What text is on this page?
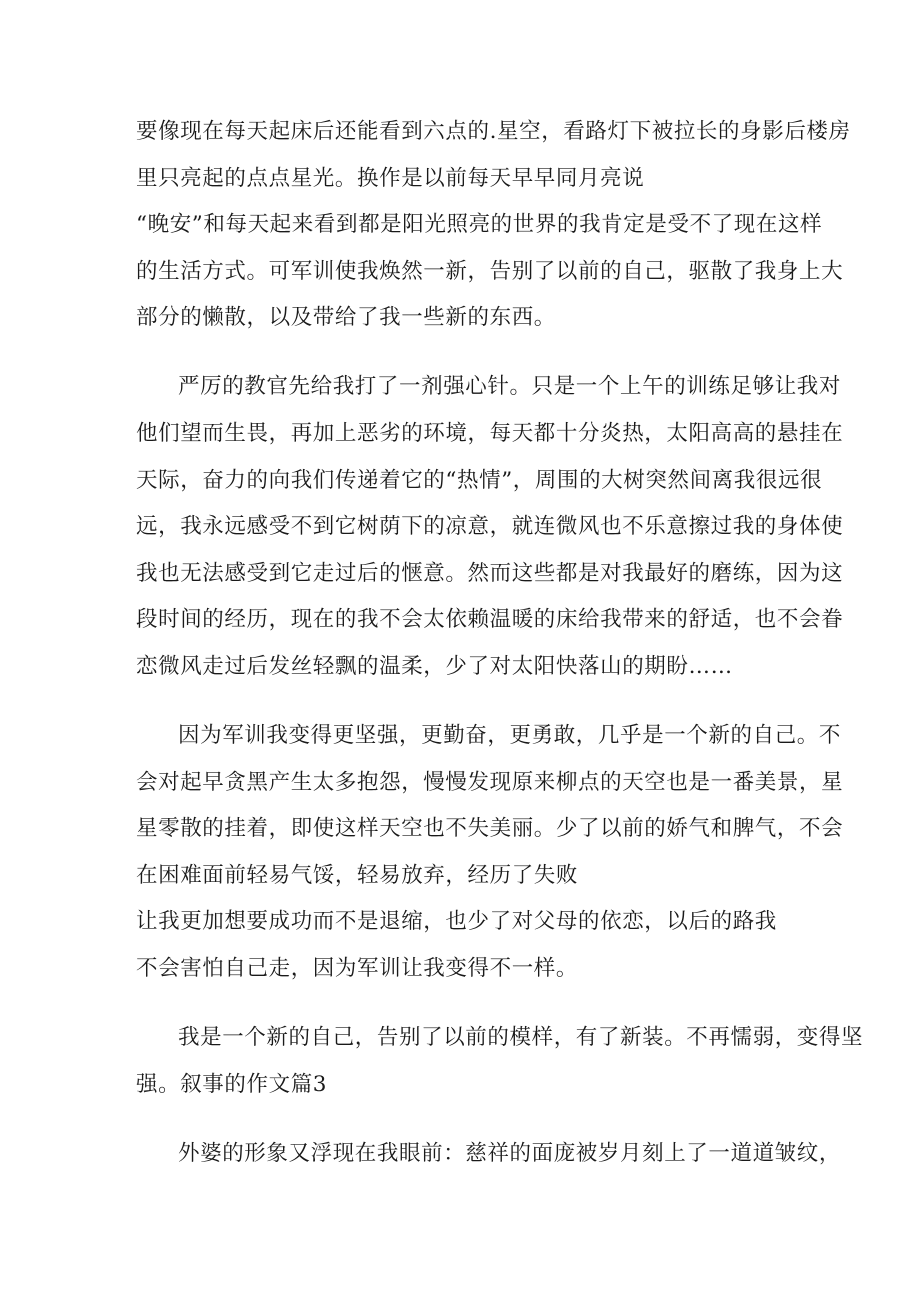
要像现在每天起床后还能看到六点的.星空，看路灯下被拉长的身影后楼房
里只亮起的点点星光。换作是以前每天早早同月亮说
“晚安”和每天起来看到都是阳光照亮的世界的我肯定是受不了现在这样
的生活方式。可军训使我焕然一新，告别了以前的自己，驱散了我身上大
部分的懒散，以及带给了我一些新的东西。
严厉的教官先给我打了一剂强心针。只是一个上午的训练足够让我对
他们望而生畏，再加上恶劣的环境，每天都十分炎热，太阳高高的悬挂在
天际，奋力的向我们传递着它的“热情”，周围的大树突然间离我很远很
远，我永远感受不到它树荫下的凉意，就连微风也不乐意擦过我的身体使
我也无法感受到它走过后的惬意。然而这些都是对我最好的磨练，因为这
段时间的经历，现在的我不会太依赖温暖的床给我带来的舒适，也不会眷
恋微风走过后发丝轻飘的温柔，少了对太阳快落山的期盼……
因为军训我变得更坚强，更勤奋，更勇敢，几乎是一个新的自己。不
会对起早贪黑产生太多抱怨，慢慢发现原来柳点的天空也是一番美景，星
星零散的挂着，即使这样天空也不失美丽。少了以前的娇气和脾气，不会
在困难面前轻易气馁，轻易放弃，经历了失败
让我更加想要成功而不是退缩，也少了对父母的依恋，以后的路我
不会害怕自己走，因为军训让我变得不一样。
我是一个新的自己，告别了以前的模样，有了新装。不再懦弱，变得坚
强。叙事的作文篇3
外婆的形象又浮现在我眼前：慈祥的面庞被岁月刻上了一道道皱纹，
